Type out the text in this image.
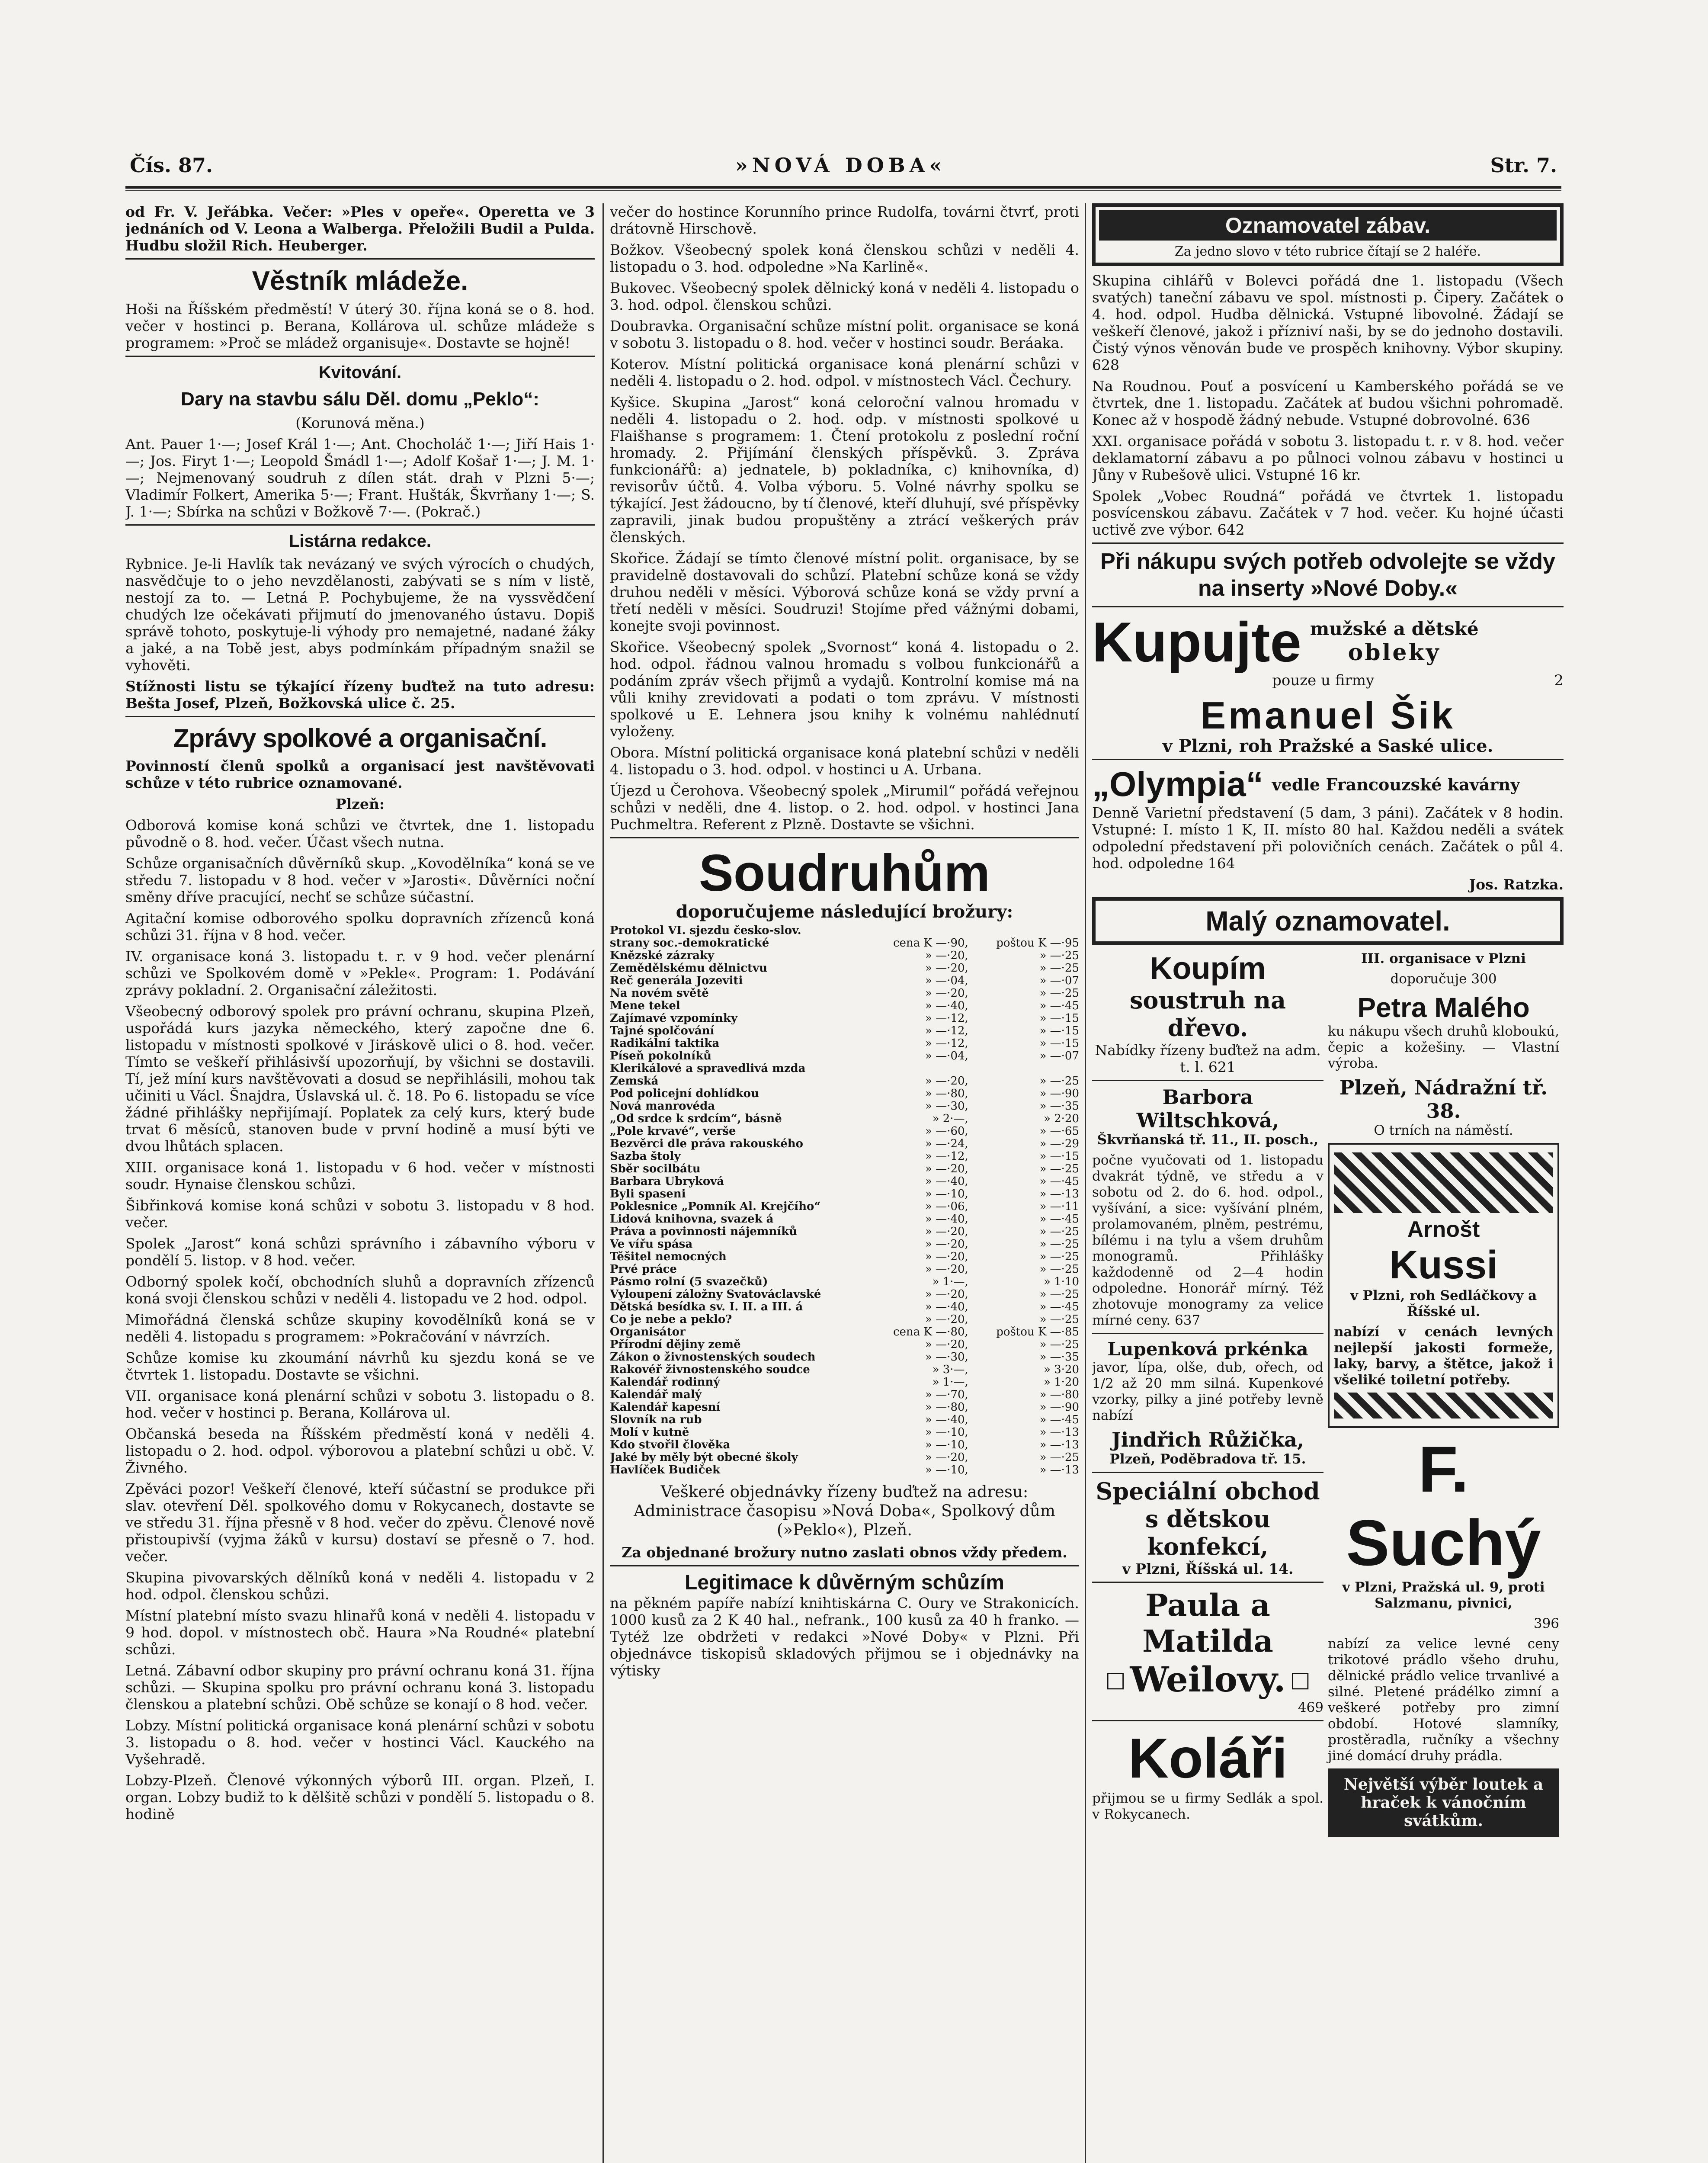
Čís. 87.	»NOVÁ DOBA«	Str. 7.

od Fr. V. Jeřábka. Večer: »Ples v opeře«. Operetta ve 3 jednáních od V. Leona a Walberga. Přeložili Budil a Pulda. Hudbu složil Rich. Heuberger.

Věstník mládeže.

Hoši na Říšském předměstí! V úterý 30. října koná se o 8. hod. večer v hostinci p. Berana, Kollárova ul. schůze mládeže s programem: »Proč se mládež organisuje«. Dostavte se hojně!

Kvitování.
Dary na stavbu sálu Děl. domu „Peklo“:

(Korunová měna.)

Ant. Pauer 1·—; Josef Král 1·—; Ant. Chocholáč 1·—; Jiří Hais 1·—; Jos. Firyt 1·—; Leopold Šmádl 1·—; Adolf Košař 1·—; J. M. 1·—; Nejmenovaný soudruh z dílen stát. drah v Plzni 5·—; Vladimír Folkert, Amerika 5·—; Frant. Hušták, Škvrňany 1·—; S. J. 1·—; Sbírka na schůzi v Božkově 7·—. (Pokrač.)

Listárna redakce.

Rybnice. Je-li Havlík tak nevázaný ve svých výrocích o chudých, nasvědčuje to o jeho nevzdělanosti, zabývati se s ním v listě, nestojí za to. — Letná P. Pochybujeme, že na vyssvědčení chudých lze očekávati přijmutí do jmenovaného ústavu. Dopiš správě tohoto, poskytuje-li výhody pro nemajetné, nadané žáky a jaké, a na Tobě jest, abys podmínkám případným snažil se vyhověti.

Stížnosti listu se týkající řízeny buďtež na tuto adresu: Bešta Josef, Plzeň, Božkovská ulice č. 25.

Zprávy spolkové a organisační.

Povinností členů spolků a organisací jest navštěvovati schůze v této rubrice oznamované.

Plzeň:

Odborová komise koná schůzi ve čtvrtek, dne 1. listopadu původně o 8. hod. večer. Účast všech nutna.

Schůze organisačních důvěrníků skup. „Kovodělníka“ koná se ve středu 7. listopadu v 8 hod. večer v »Jarosti«. Důvěrníci noční směny dříve pracující, nechť se schůze súčastní.

Agitační komise odborového spolku dopravních zřízenců koná schůzi 31. října v 8 hod. večer.

IV. organisace koná 3. listopadu t. r. v 9 hod. večer plenární schůzi ve Spolkovém domě v »Pekle«. Program: 1. Podávání zprávy pokladní. 2. Organisační záležitosti.

Všeobecný odborový spolek pro právní ochranu, skupina Plzeň, uspořádá kurs jazyka německého, který započne dne 6. listopadu v místnosti spolkové v Jiráskově ulici o 8. hod. večer. Tímto se veškeří přihlásivší upozorňují, by všichni se dostavili. Tí, jež míní kurs navštěvovati a dosud se nepřihlásili, mohou tak učiniti u Václ. Šnajdra, Úslavská ul. č. 18. Po 6. listopadu se více žádné přihlášky nepřijímají. Poplatek za celý kurs, který bude trvat 6 měsíců, stanoven bude v první hodině a musí býti ve dvou lhůtách splacen.

XIII. organisace koná 1. listopadu v 6 hod. večer v místnosti soudr. Hynaise členskou schůzi.

Šibřinková komise koná schůzi v sobotu 3. listopadu v 8 hod. večer.

Spolek „Jarost“ koná schůzi správního i zábavního výboru v pondělí 5. listop. v 8 hod. večer.

Odborný spolek kočí, obchodních sluhů a dopravních zřízenců koná svoji členskou schůzi v neděli 4. listopadu ve 2 hod. odpol.

Mimořádná členská schůze skupiny kovodělníků koná se v neděli 4. listopadu s programem: »Pokračování v návrzích.

Schůze komise ku zkoumání návrhů ku sjezdu koná se ve čtvrtek 1. listopadu. Dostavte se všichni.

VII. organisace koná plenární schůzi v sobotu 3. listopadu o 8. hod. večer v hostinci p. Berana, Kollárova ul.

Občanská beseda na Říšském předměstí koná v neděli 4. listopadu o 2. hod. odpol. výborovou a platební schůzi u obč. V. Živného.

Zpěváci pozor! Veškeří členové, kteří súčastní se produkce při slav. otevření Děl. spolkového domu v Rokycanech, dostavte se ve středu 31. října přesně v 8 hod. večer do zpěvu. Členové nově přistoupivší (vyjma žáků v kursu) dostaví se přesně o 7. hod. večer.

Skupina pivovarských dělníků koná v neděli 4. listopadu v 2 hod. odpol. členskou schůzi.

Místní platební místo svazu hlinařů koná v neděli 4. listopadu v 9 hod. dopol. v místnostech obč. Haura »Na Roudné« platební schůzi.

Letná. Zábavní odbor skupiny pro právní ochranu koná 31. října schůzi. — Skupina spolku pro právní ochranu koná 3. listopadu členskou a platební schůzi. Obě schůze se konají o 8 hod. večer.

Lobzy. Místní politická organisace koná plenární schůzi v sobotu 3. listopadu o 8. hod. večer v hostinci Václ. Kauckého na Vyšehradě.

Lobzy-Plzeň. Členové výkonných výborů III. organ. Plzeň, I. organ. Lobzy budiž to k dělšitě schůzi v pondělí 5. listopadu o 8. hodině

večer do hostince Korunního prince Rudolfa, továrni čtvrť, proti drátovně Hirschově.

Božkov. Všeobecný spolek koná členskou schůzi v neděli 4. listopadu o 3. hod. odpoledne »Na Karlině«.

Bukovec. Všeobecný spolek dělnický koná v neděli 4. listopadu o 3. hod. odpol. členskou schůzi.

Doubravka. Organisační schůze místní polit. organisace se koná v sobotu 3. listopadu o 8. hod. večer v hostinci soudr. Beráaka.

Koterov. Místní politická organisace koná plenární schůzi v neděli 4. listopadu o 2. hod. odpol. v místnostech Václ. Čechury.

Kyšice. Skupina „Jarost“ koná celoroční valnou hromadu v neděli 4. listopadu o 2. hod. odp. v místnosti spolkové u Flaišhanse s programem: 1. Čtení protokolu z poslední roční hromady. 2. Přijímání členských příspěvků. 3. Zpráva funkcionářů: a) jednatele, b) pokladníka, c) knihovníka, d) revisorův účtů. 4. Volba výboru. 5. Volné návrhy spolku se týkající. Jest žádoucno, by tí členové, kteří dluhují, své příspěvky zapravili, jinak budou propuštěny a ztrácí veškerých práv členských.

Skořice. Žádají se tímto členové místní polit. organisace, by se pravidelně dostavovali do schůzí. Platební schůze koná se vždy druhou neděli v měsíci. Výborová schůze koná se vždy první a třetí neděli v měsíci. Soudruzi! Stojíme před vážnými dobami, konejte svoji povinnost.

Skořice. Všeobecný spolek „Svornost“ koná 4. listopadu o 2. hod. odpol. řádnou valnou hromadu s volbou funkcionářů a podáním zpráv všech přijmů a vydajů. Kontrolní komise má na vůli knihy zrevidovati a podati o tom zprávu. V místnosti spolkové u E. Lehnera jsou knihy k volnému nahlédnutí vyloženy.

Obora. Místní politická organisace koná platební schůzi v neděli 4. listopadu o 3. hod. odpol. v hostinci u A. Urbana.

Újezd u Čerohova. Všeobecný spolek „Mirumil“ pořádá veřejnou schůzi v neděli, dne 4. listop. o 2. hod. odpol. v hostinci Jana Puchmeltra. Referent z Plzně. Dostavte se všichni.

Soudruhům

doporučujeme následující brožury:

Protokol VI. sjezdu česko-slov.		
strany soc.-demokratické	cena K —·90,	poštou K —·95
Knězské zázraky	» —·20,	» —·25
Zemědělskému dělnictvu	» —·20,	» —·25
Řeč generála Jozeviti	» —·04,	» —·07
Na novém světě	» —·20,	» —·25
Mene tekel	» —·40,	» —·45
Zajímavé vzpomínky	» —·12,	» —·15
Tajné spolčování	» —·12,	» —·15
Radikální taktika	» —·12,	» —·15
Píseň pokolníků	» —·04,	» —·07
Klerikálové a spravedlivá mzda		
Zemská	» —·20,	» —·25
Pod policejní dohlídkou	» —·80,	» —·90
Nová manrovéda	» —·30,	» —·35
„Od srdce k srdcím“, básně	» 2·—,	» 2·20
„Pole krvavé“, verše	» —·60,	» —·65
Bezvěrci dle práva rakouského	» —·24,	» —·29
Sazba štoly	» —·12,	» —·15
Sběr socilbátu	» —·20,	» —·25
Barbara Ubryková	» —·40,	» —·45
Byli spaseni	» —·10,	» —·13
Poklesnice „Pomník Al. Krejčího“	» —·06,	» —·11
Lidová knihovna, svazek á	» —·40,	» —·45
Práva a povinnosti nájemníků	» —·20,	» —·25
Ve vířu spása	» —·20,	» —·25
Těšitel nemocných	» —·20,	» —·25
Prvé práce	» —·20,	» —·25
Pásmo rolní (5 svazečků)	» 1·—,	» 1·10
Vyloupení záložny Svatováclavské	» —·20,	» —·25
Dětská besídka sv. I. II. a III. á	» —·40,	» —·45
Co je nebe a peklo?	» —·20,	» —·25
Organisátor	cena K —·80,	poštou K —·85
Přírodní dějiny země	» —·20,	» —·25
Zákon o živnostenských soudech	» —·30,	» —·35
Rakovéř živnostenského soudce	» 3·—,	» 3·20
Kalendář rodinný	» 1·—,	» 1·20
Kalendář malý	» —·70,	» —·80
Kalendář kapesní	» —·80,	» —·90
Slovník na rub	» —·40,	» —·45
Molí v kutně	» —·10,	» —·13
Kdo stvořil člověka	» —·10,	» —·13
Jaké by měly být obecné školy	» —·20,	» —·25
Havlíček Budiček	» —·10,	» —·13

Veškeré objednávky řízeny buďtež na adresu: Administrace časopisu »Nová Doba«, Spolkový dům (»Peklo«), Plzeň.

Za objednané brožury nutno zaslati obnos vždy předem.

Legitimace k důvěrným schůzím

na pěkném papíře nabízí knihtiskárna C. Oury ve Strakonicích. 1000 kusů za 2 K 40 hal., nefrank., 100 kusů za 40 h franko. — Tytéž lze obdržeti v redakci »Nové Doby« v Plzni. Při objednávce tiskopisů skladových přijmou se i objednávky na výtisky

Oznamovatel zábav.
Za jedno slovo v této rubrice čítají se 2 haléře.

Skupina cihlářů v Bolevci pořádá dne 1. listopadu (Všech svatých) taneční zábavu ve spol. místnosti p. Čipery. Začátek o 4. hod. odpol. Hudba dělnická. Vstupné libovolné. Žádají se veškeří členové, jakož i přízniví naši, by se do jednoho dostavili. Čistý výnos věnován bude ve prospěch knihovny. Výbor skupiny. 628

Na Roudnou. Pouť a posvícení u Kamberského pořádá se ve čtvrtek, dne 1. listopadu. Začátek ať budou všichni pohromadě. Konec až v hospodě žádný nebude. Vstupné dobrovolné. 636

XXI. organisace pořádá v sobotu 3. listopadu t. r. v 8. hod. večer deklamatorní zábavu a po půlnoci volnou zábavu v hostinci u Jůny v Rubešově ulici. Vstupné 16 kr.

Spolek „Vobec Roudná“ pořádá ve čtvrtek 1. listopadu posvícenskou zábavu. Začátek v 7 hod. večer. Ku hojné účasti uctivě zve výbor. 642

Při nákupu svých potřeb odvolejte se vždy na inserty »Nové Doby.«

Kupujte mužské a dětské
obleky

pouze u firmy	2

Emanuel Šik

v Plzni, roh Pražské a Saské ulice.

„Olympia“ vedle Francouzské kavárny

Denně Varietní představení (5 dam, 3 páni). Začátek v 8 hodin. Vstupné: I. místo 1 K, II. místo 80 hal. Každou neděli a svátek odpolední představení při polovičních cenách. Začátek o půl 4. hod. odpoledne 164

Jos. Ratzka.

Malý oznamovatel.
Koupím
soustruh na dřevo.

Nabídky řízeny buďtež na adm. t. l. 621

Barbora Wiltschková,

Škvrňanská tř. 11., II. posch.,

počne vyučovati od 1. listopadu dvakrát týdně, ve středu a v sobotu od 2. do 6. hod. odpol., vyšívání, a sice: vyšívání plném, prolamovaném, plněm, pestrému, bílému i na tylu a všem druhům monogramů. Přihlášky každodenně od 2—4 hodin odpoledne. Honorář mírný. Též zhotovuje monogramy za velice mírné ceny. 637

Lupenková prkénka

javor, lípa, olše, dub, ořech, od 1/2 až 20 mm silná. Kupenkové vzorky, pilky a jiné potřeby levně nabízí

Jindřich Růžička,

Plzeň, Poděbradova tř. 15.

Speciální obchod s dětskou konfekcí,

v Plzni, Říšská ul. 14.

Paula a Matilda
□ Weilovy. □

469

Koláři

přijmou se u firmy Sedlák a spol. v Rokycanech.

III. organisace v Plzni

doporučuje 300

Petra Malého

ku nákupu všech druhů kloboukú, čepic a kožešiny. — Vlastní výroba.

Plzeň, Nádražní tř. 38.

O trních na náměstí.

Arnošt
Kussi

v Plzni, roh Sedláčkovy a Říšské ul.

nabízí v cenách levných nejlepší jakosti formeže, laky, barvy, a štětce, jakož i všeliké toiletní potřeby.

F. Suchý

v Plzni, Pražská ul. 9, proti Salzmanu, pivnici,

396

nabízí za velice levné ceny trikotové prádlo všeho druhu, dělnické prádlo velice trvanlivé a silné. Pletené prádélko zimní a veškeré potřeby pro zimní období. Hotové slamníky, prostěradla, ručníky a všechny jiné domácí druhy prádla.

Největší výběr loutek a hraček k vánočním svátkům.
